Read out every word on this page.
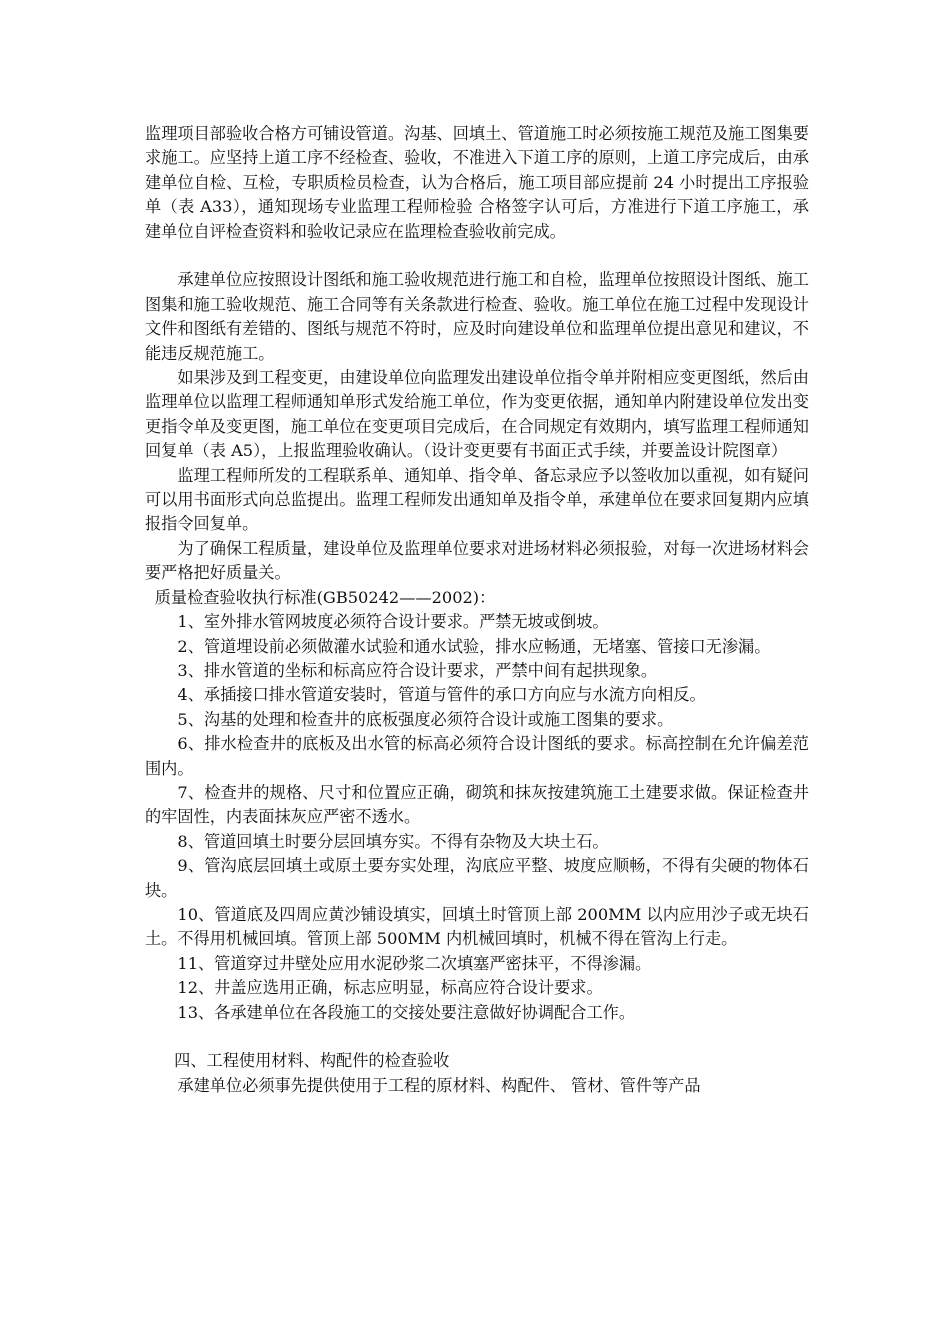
监理项目部验收合格方可铺设管道。沟基、回填土、管道施工时必须按施工规范及施工图集要求施工。应坚持上道工序不经检查、验收，不准进入下道工序的原则，上道工序完成后，由承建单位自检、互检，专职质检员检查，认为合格后，施工项目部应提前 24 小时提出工序报验单（表 A33），通知现场专业监理工程师检验 合格签字认可后，方准进行下道工序施工，承建单位自评检查资料和验收记录应在监理检查验收前完成。

承建单位应按照设计图纸和施工验收规范进行施工和自检，监理单位按照设计图纸、施工图集和施工验收规范、施工合同等有关条款进行检查、验收。施工单位在施工过程中发现设计文件和图纸有差错的、图纸与规范不符时，应及时向建设单位和监理单位提出意见和建议，不能违反规范施工。

如果涉及到工程变更，由建设单位向监理发出建设单位指令单并附相应变更图纸，然后由监理单位以监理工程师通知单形式发给施工单位，作为变更依据，通知单内附建设单位发出变更指令单及变更图，施工单位在变更项目完成后，在合同规定有效期内，填写监理工程师通知回复单（表 A5），上报监理验收确认。（设计变更要有书面正式手续，并要盖设计院图章）

监理工程师所发的工程联系单、通知单、指令单、备忘录应予以签收加以重视，如有疑问可以用书面形式向总监提出。监理工程师发出通知单及指令单，承建单位在要求回复期内应填报指令回复单。

为了确保工程质量，建设单位及监理单位要求对进场材料必须报验，对每一次进场材料会要严格把好质量关。

质量检查验收执行标准(GB50242——2002)：

1、室外排水管网坡度必须符合设计要求。严禁无坡或倒坡。

2、管道埋设前必须做灌水试验和通水试验，排水应畅通，无堵塞、管接口无渗漏。

3、排水管道的坐标和标高应符合设计要求，严禁中间有起拱现象。

4、承插接口排水管道安装时，管道与管件的承口方向应与水流方向相反。

5、沟基的处理和检查井的底板强度必须符合设计或施工图集的要求。

6、排水检查井的底板及出水管的标高必须符合设计图纸的要求。标高控制在允许偏差范围内。

7、检查井的规格、尺寸和位置应正确，砌筑和抹灰按建筑施工土建要求做。保证检查井的牢固性，内表面抹灰应严密不透水。

8、管道回填土时要分层回填夯实。不得有杂物及大块土石。

9、管沟底层回填土或原土要夯实处理，沟底应平整、坡度应顺畅，不得有尖硬的物体石块。

10、管道底及四周应黄沙铺设填实，回填土时管顶上部 200MM 以内应用沙子或无块石土。不得用机械回填。管顶上部 500MM 内机械回填时，机械不得在管沟上行走。

11、管道穿过井壁处应用水泥砂浆二次填塞严密抹平，不得渗漏。

12、井盖应选用正确，标志应明显，标高应符合设计要求。

13、各承建单位在各段施工的交接处要注意做好协调配合工作。

四、工程使用材料、构配件的检查验收

承建单位必须事先提供使用于工程的原材料、构配件、 管材、管件等产品
